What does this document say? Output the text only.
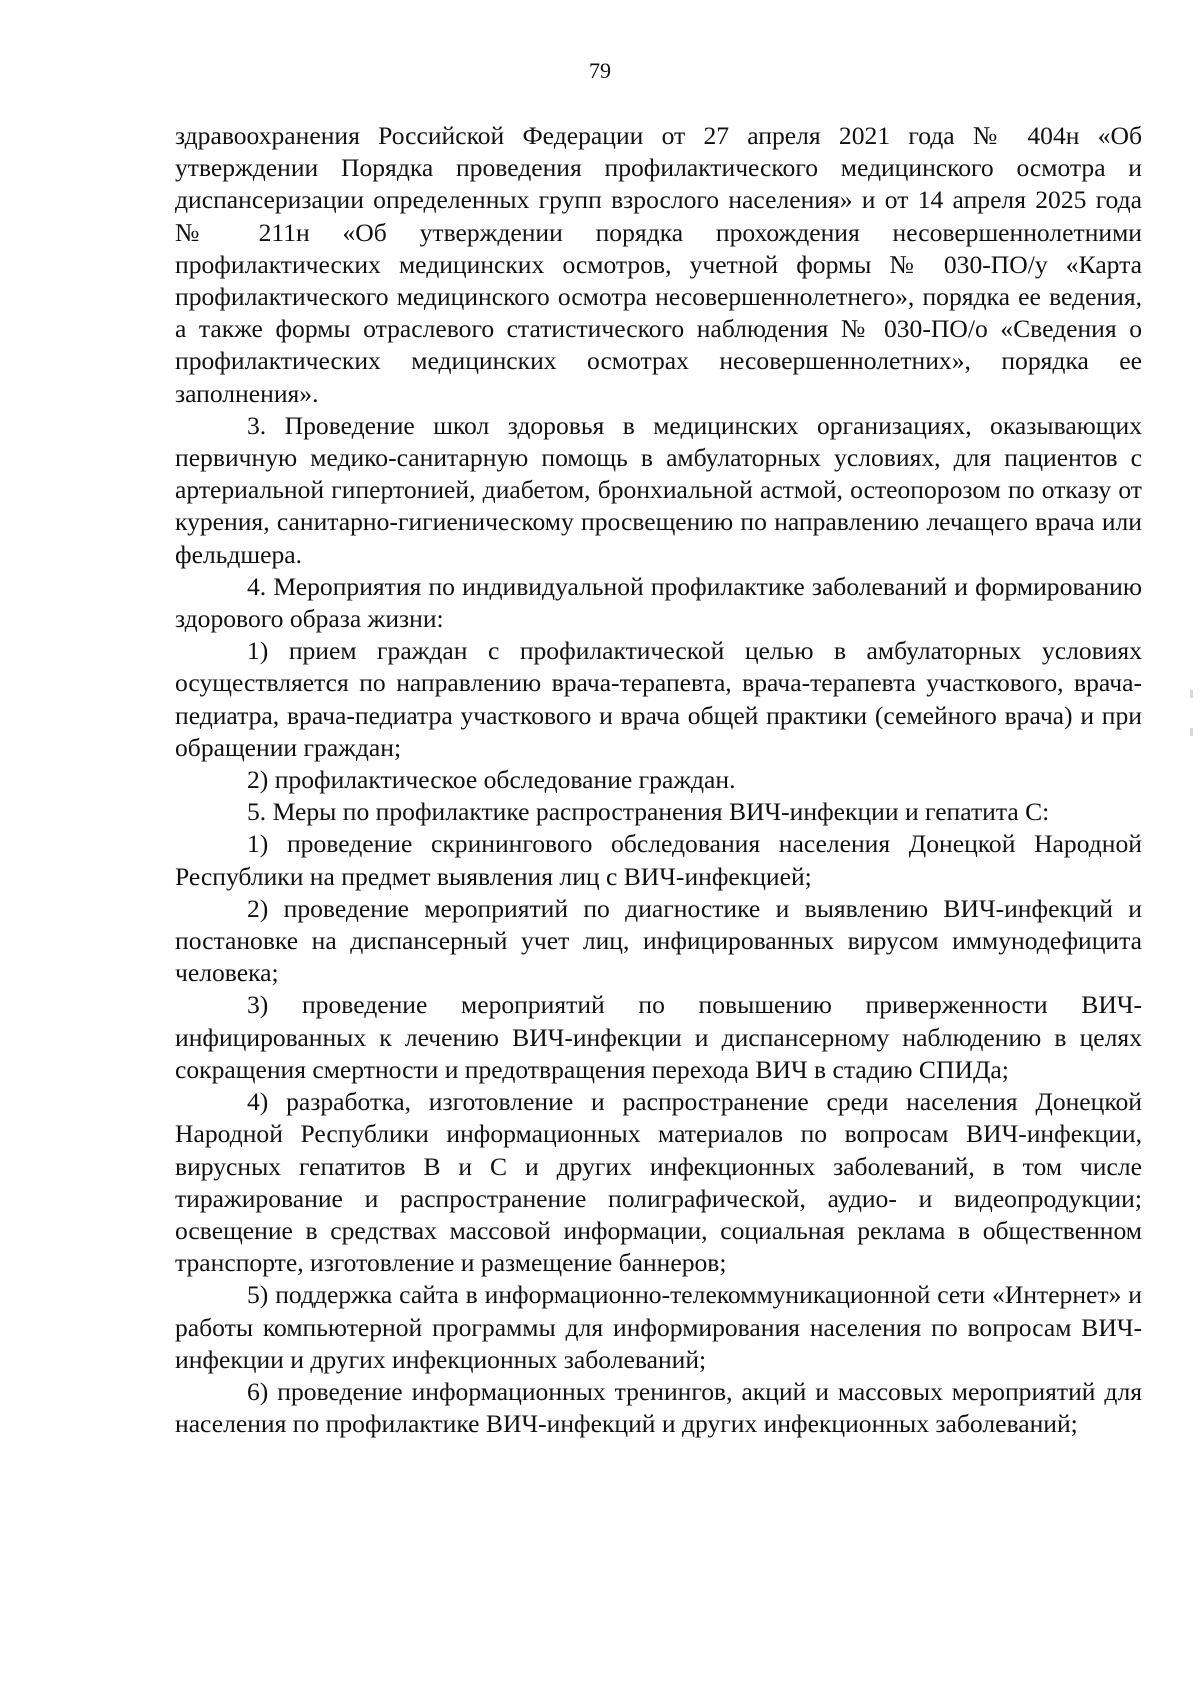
79

здравоохранения Российской Федерации от 27 апреля 2021 года № 404н «Об утверждении Порядка проведения профилактического медицинского осмотра и диспансеризации определенных групп взрослого населения» и от 14 апреля 2025 года № 211н «Об утверждении порядка прохождения несовершеннолетними профилактических медицинских осмотров, учетной формы № 030-ПО/у «Карта профилактического медицинского осмотра несовершеннолетнего», порядка ее ведения, а также формы отраслевого статистического наблюдения № 030-ПО/о «Сведения о профилактических медицинских осмотрах несовершеннолетних», порядка ее заполнения».

3. Проведение школ здоровья в медицинских организациях, оказывающих первичную медико-санитарную помощь в амбулаторных условиях, для пациентов с артериальной гипертонией, диабетом, бронхиальной астмой, остеопорозом по отказу от курения, санитарно-гигиеническому просвещению по направлению лечащего врача или фельдшера.

4. Мероприятия по индивидуальной профилактике заболеваний и формированию здорового образа жизни:

1) прием граждан с профилактической целью в амбулаторных условиях осуществляется по направлению врача-терапевта, врача-терапевта участкового, врача-педиатра, врача-педиатра участкового и врача общей практики (семейного врача) и при обращении граждан;

2) профилактическое обследование граждан.

5. Меры по профилактике распространения ВИЧ-инфекции и гепатита С:

1) проведение скринингового обследования населения Донецкой Народной Республики на предмет выявления лиц с ВИЧ-инфекцией;

2) проведение мероприятий по диагностике и выявлению ВИЧ-инфекций и постановке на диспансерный учет лиц, инфицированных вирусом иммунодефицита человека;

3) проведение мероприятий по повышению приверженности ВИЧ-инфицированных к лечению ВИЧ-инфекции и диспансерному наблюдению в целях сокращения смертности и предотвращения перехода ВИЧ в стадию СПИДа;

4) разработка, изготовление и распространение среди населения Донецкой Народной Республики информационных материалов по вопросам ВИЧ-инфекции, вирусных гепатитов В и С и других инфекционных заболеваний, в том числе тиражирование и распространение полиграфической, аудио- и видеопродукции; освещение в средствах массовой информации, социальная реклама в общественном транспорте, изготовление и размещение баннеров;

5) поддержка сайта в информационно-телекоммуникационной сети «Интернет» и работы компьютерной программы для информирования населения по вопросам ВИЧ-инфекции и других инфекционных заболеваний;

6) проведение информационных тренингов, акций и массовых мероприятий для населения по профилактике ВИЧ-инфекций и других инфекционных заболеваний;
